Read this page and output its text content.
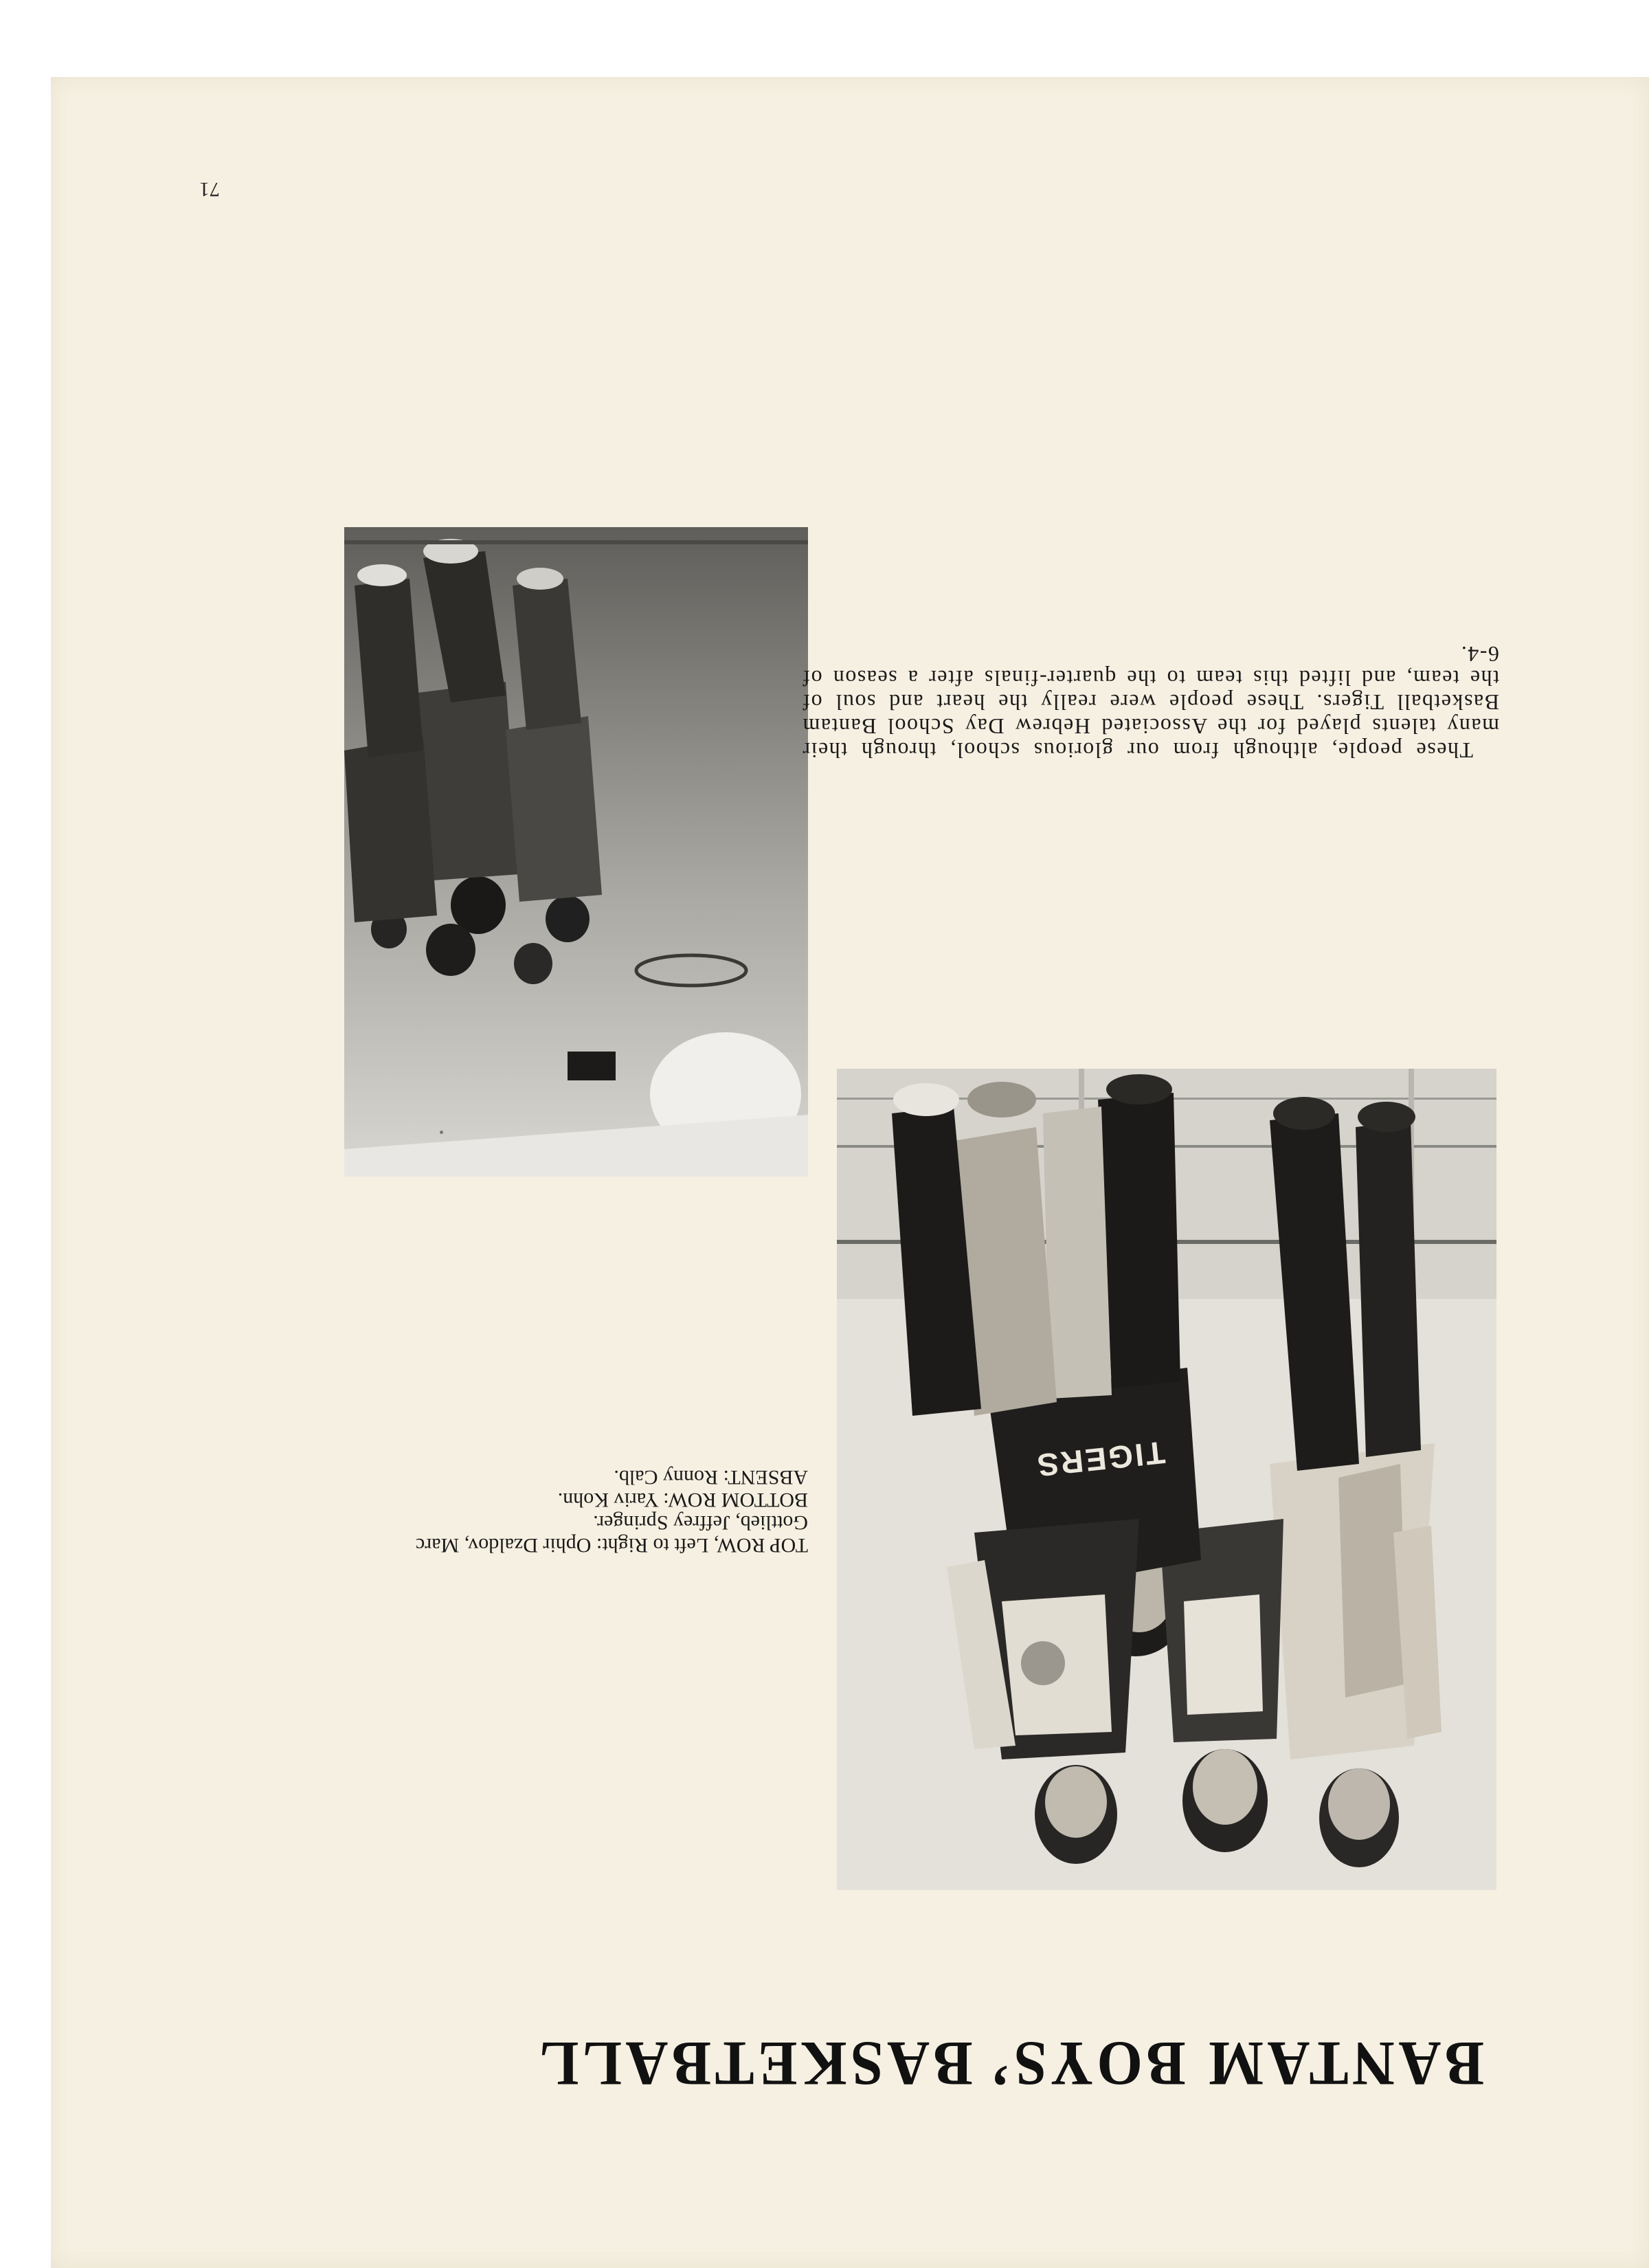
BANTAM BOYS’ BASKETBALL
TIGERS
TOP ROW, Left to Right: Ophir Dzaldov, Marc
Gottlieb, Jeffrey Springer.
BOTTOM ROW: Yariv Kohn.
ABSENT: Ronny Calb.
These people, although from our glorious school, through their many talents played for the Associated Hebrew Day School Bantam Basketball Tigers. These people were really the heart and soul of the team, and lifted this team to the quarter-finals after a season of 6-4.
71
